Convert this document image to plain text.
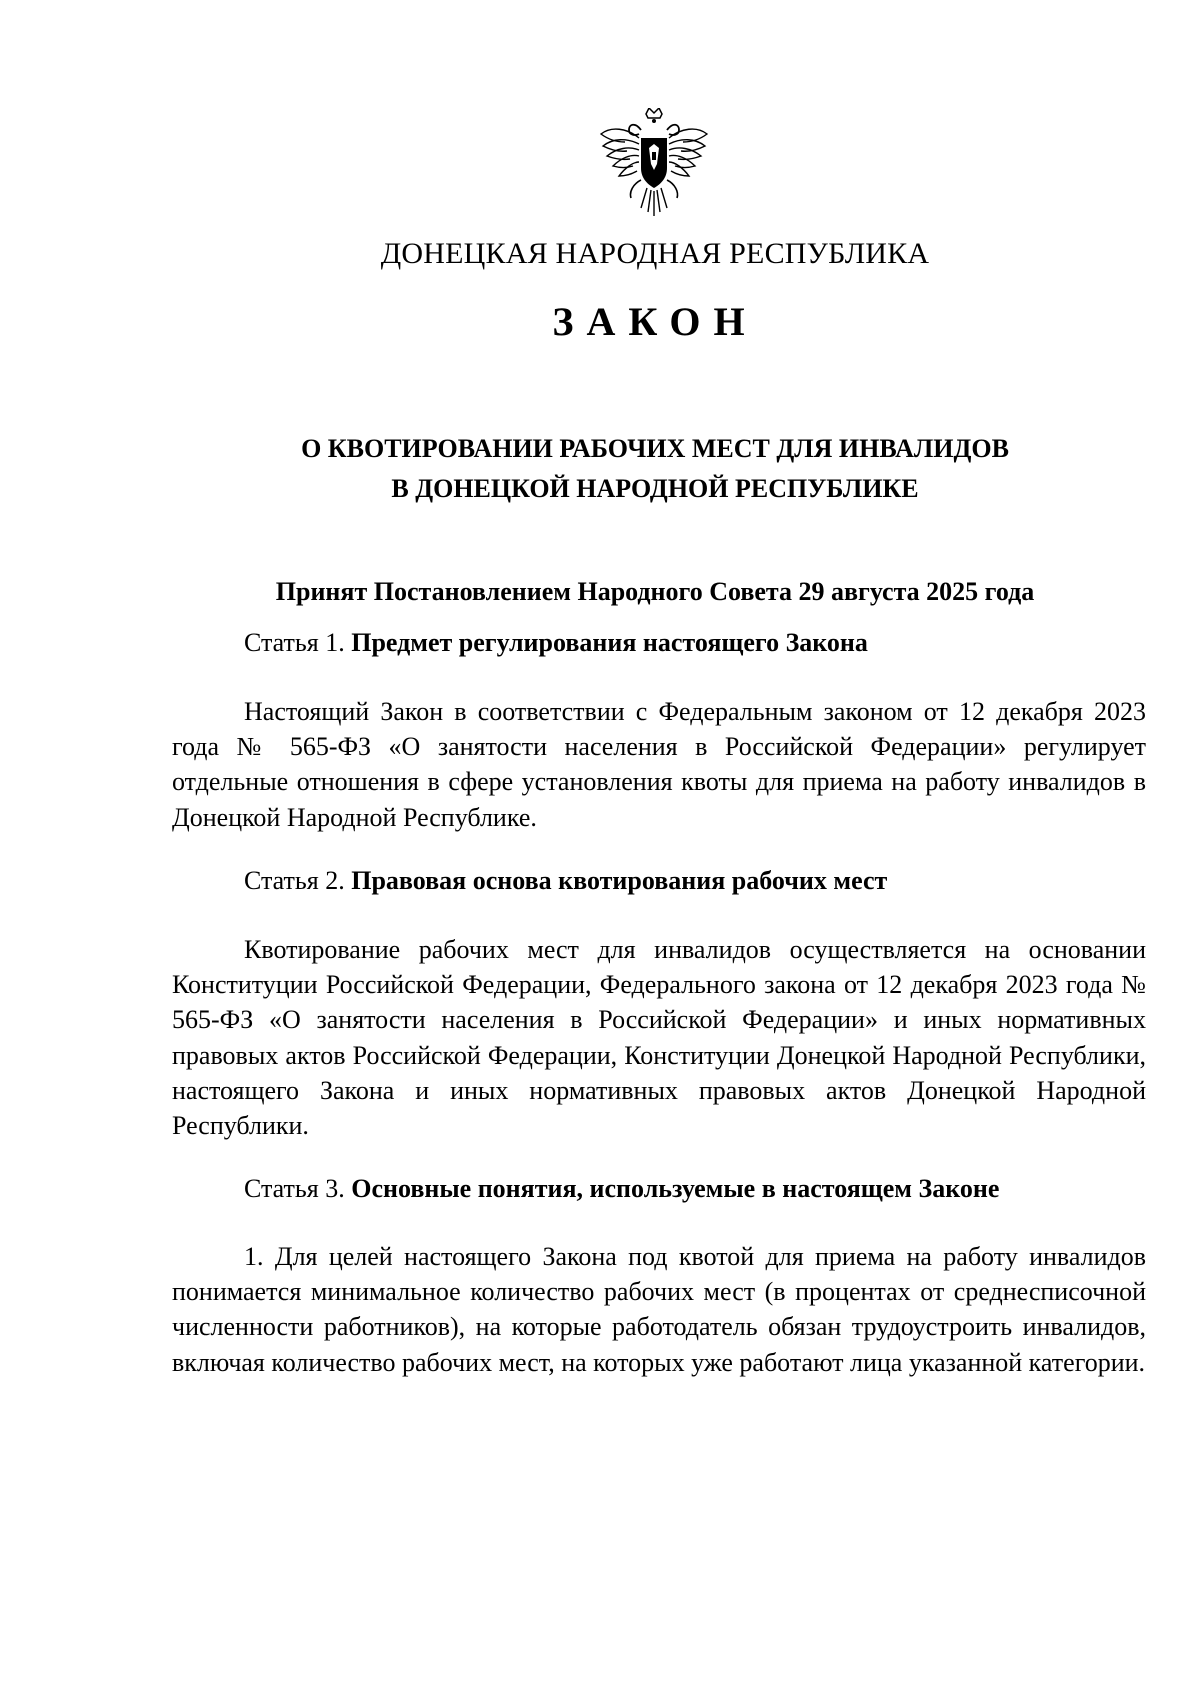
ДОНЕЦКАЯ НАРОДНАЯ РЕСПУБЛИКА
ЗАКОН
О КВОТИРОВАНИИ РАБОЧИХ МЕСТ ДЛЯ ИНВАЛИДОВ
В ДОНЕЦКОЙ НАРОДНОЙ РЕСПУБЛИКЕ
Принят Постановлением Народного Совета 29 августа 2025 года
Статья 1. Предмет регулирования настоящего Закона

Настоящий Закон в соответствии с Федеральным законом от 12 декабря 2023 года № 565-ФЗ «О занятости населения в Российской Федерации» регулирует отдельные отношения в сфере установления квоты для приема на работу инвалидов в Донецкой Народной Республике.

Статья 2. Правовая основа квотирования рабочих мест

Квотирование рабочих мест для инвалидов осуществляется на основании Конституции Российской Федерации, Федерального закона от 12 декабря 2023 года № 565-ФЗ «О занятости населения в Российской Федерации» и иных нормативных правовых актов Российской Федерации, Конституции Донецкой Народной Республики, настоящего Закона и иных нормативных правовых актов Донецкой Народной Республики.

Статья 3. Основные понятия, используемые в настоящем Законе

1. Для целей настоящего Закона под квотой для приема на работу инвалидов понимается минимальное количество рабочих мест (в процентах от среднесписочной численности работников), на которые работодатель обязан трудоустроить инвалидов, включая количество рабочих мест, на которых уже работают лица указанной категории.
